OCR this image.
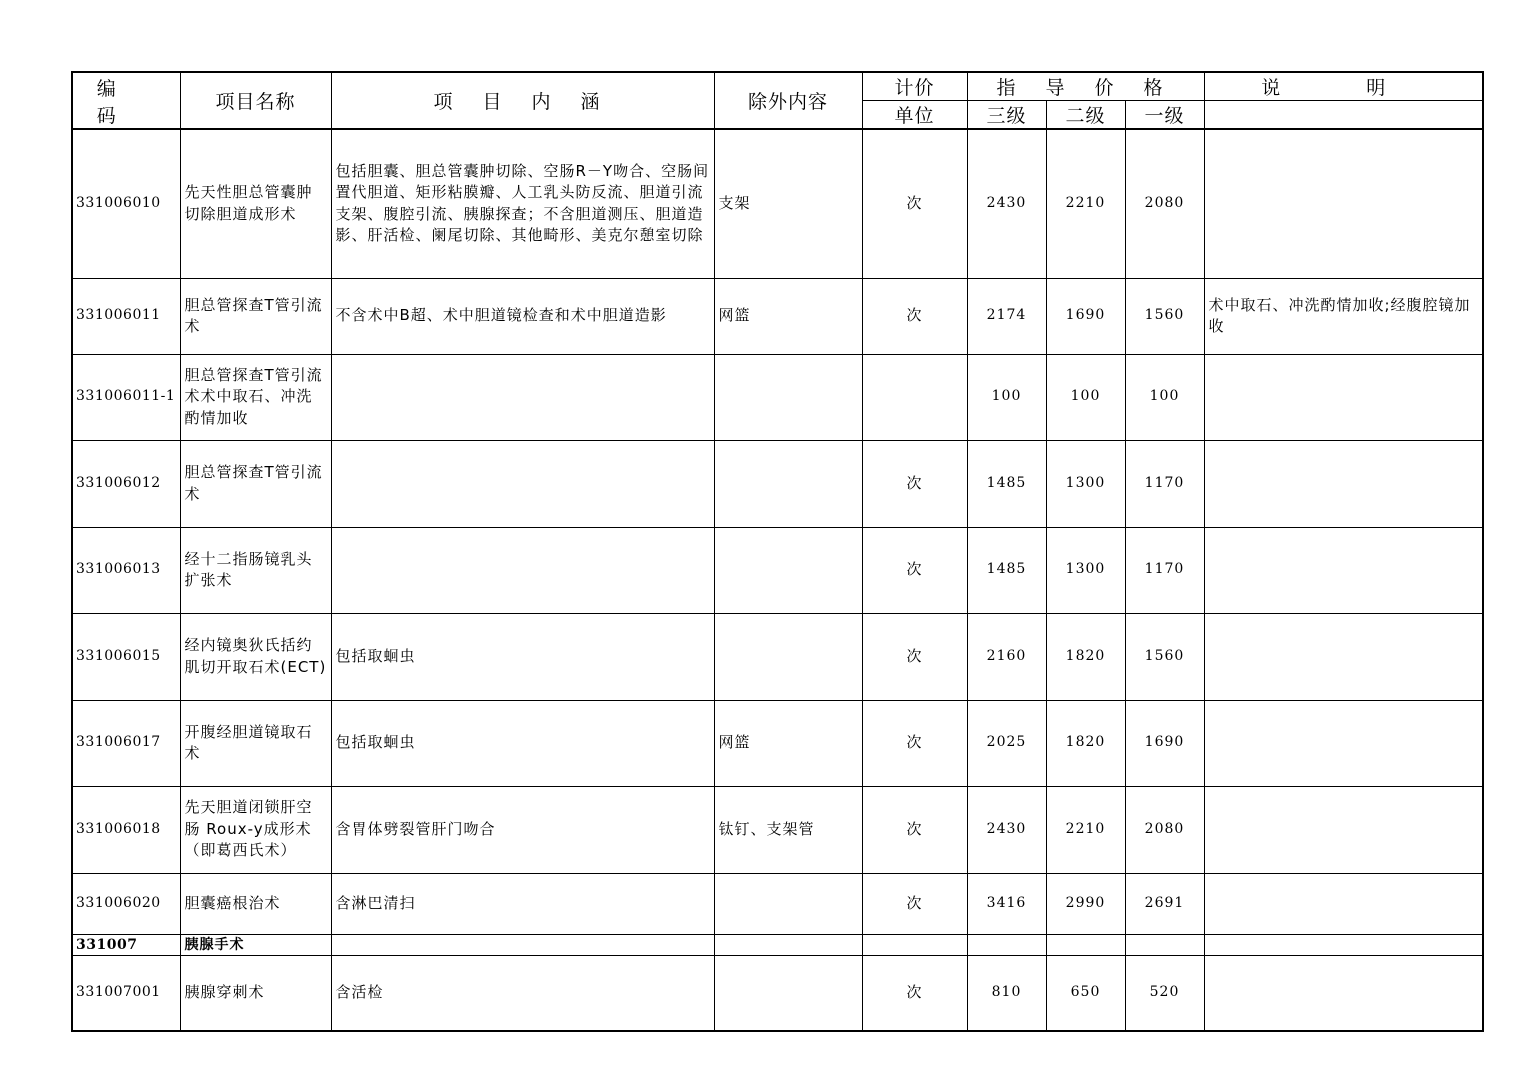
编 码	项目名称	项 目 内 涵	除外内容	计价	指 导 价 格			说 明
				单位	三级	二级	一级	
331006010	先天性胆总管囊肿切除胆道成形术	包括胆囊、胆总管囊肿切除、空肠R－Y吻合、空肠间置代胆道、矩形粘膜瓣、人工乳头防反流、胆道引流支架、腹腔引流、胰腺探查；不含胆道测压、胆道造影、肝活检、阑尾切除、其他畸形、美克尔憩室切除	支架	次	2430	2210	2080	
331006011	胆总管探查T管引流术	不含术中B超、术中胆道镜检查和术中胆道造影	网篮	次	2174	1690	1560	术中取石、冲洗酌情加收;经腹腔镜加收
331006011-1	胆总管探查T管引流术术中取石、冲洗酌情加收				100	100	100	
331006012	胆总管探查T管引流术			次	1485	1300	1170	
331006013	经十二指肠镜乳头扩张术			次	1485	1300	1170	
331006015	经内镜奥狄氏括约肌切开取石术(ECT)	包括取蛔虫		次	2160	1820	1560	
331006017	开腹经胆道镜取石术	包括取蛔虫	网篮	次	2025	1820	1690	
331006018	先天胆道闭锁肝空肠 Roux-y成形术（即葛西氏术）	含胃体劈裂管肝门吻合	钛钉、支架管	次	2430	2210	2080	
331006020	胆囊癌根治术	含淋巴清扫		次	3416	2990	2691	
331007	胰腺手术							
331007001	胰腺穿刺术	含活检		次	810	650	520	
